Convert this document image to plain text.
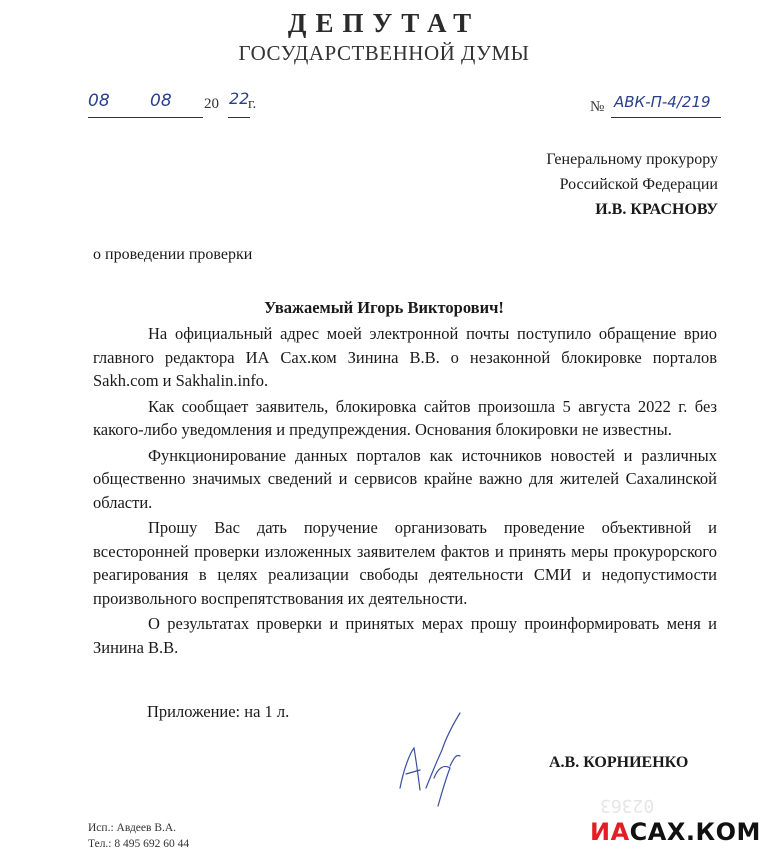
ДЕПУТАТ
ГОСУДАРСТВЕННОЙ ДУМЫ
08 08 20 22
г.	№ АВК-П-4/219
Генеральному прокурору
Российской Федерации
И.В. КРАСНОВУ
о проведении проверки
Уважаемый Игорь Викторович!

На официальный адрес моей электронной почты поступило обращение врио главного редактора ИА Сах.ком Зинина В.В. о незаконной блокировке порталов Sakh.com и Sakhalin.info.

Как сообщает заявитель, блокировка сайтов произошла 5 августа 2022 г. без какого-либо уведомления и предупреждения. Основания блокировки не известны.

Функционирование данных порталов как источников новостей и различных общественно значимых сведений и сервисов крайне важно для жителей Сахалинской области.

Прошу Вас дать поручение организовать проведение объективной и всесторонней проверки изложенных заявителем фактов и принять меры прокурорского реагирования в целях реализации свободы деятельности СМИ и недопустимости произвольного воспрепятствования их деятельности.

О результатах проверки и принятых мерах прошу проинформировать меня и Зинина В.В.

Приложение: на 1 л.
А.В. КОРНИЕНКО
02363
Исп.: Авдеев В.А.
Тел.: 8 495 692 60 44	ИАСАХ.КОМ
